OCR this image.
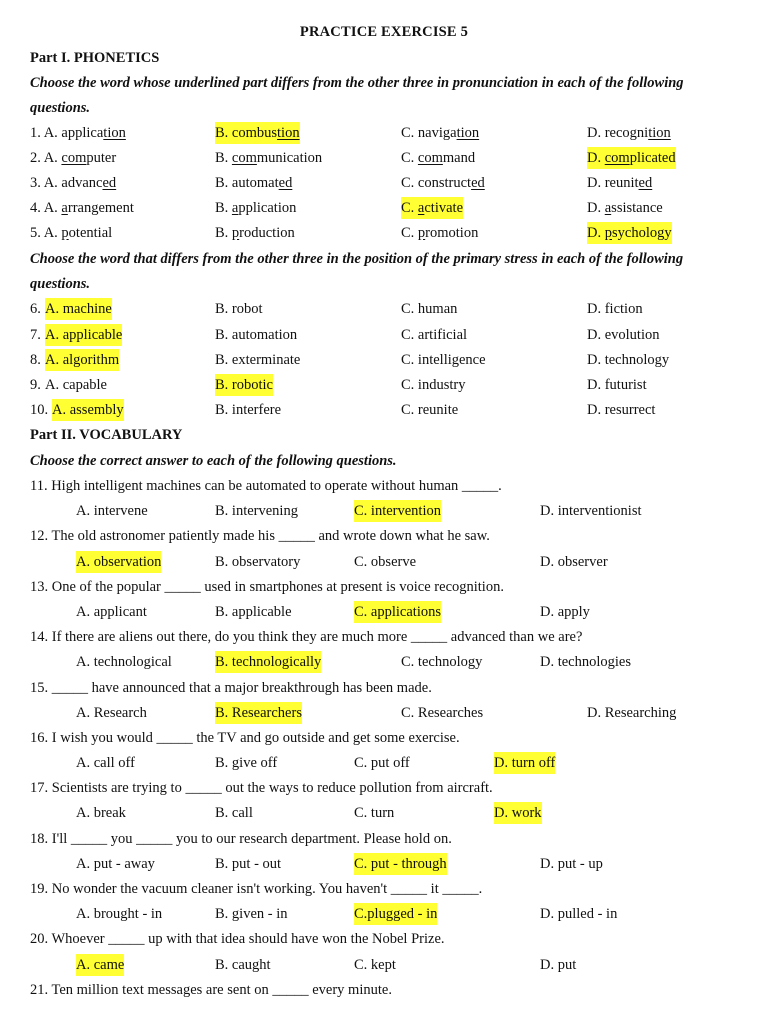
PRACTICE EXERCISE 5
Part I. PHONETICS
Choose the word whose underlined part differs from the other three in pronunciation in each of the following
questions.
1. A. application	B. combustion	C. navigation	D. recognition
2. A. computer	B. communication	C. command	D. complicated
3. A. advanced	B. automated	C. constructed	D. reunited
4. A. arrangement	B. application	C. activate	D. assistance
5. A. potential	B. production	C. promotion	D. psychology
Choose the word that differs from the other three in the position of the primary stress in each of the following
questions.
6. A. machine	B. robot	C. human	D. fiction
7. A. applicable	B. automation	C. artificial	D. evolution
8. A. algorithm	B. exterminate	C. intelligence	D. technology
9. A. capable	B. robotic	C. industry	D. futurist
10. A. assembly	B. interfere	C. reunite	D. resurrect
Part II. VOCABULARY
Choose the correct answer to each of the following questions.
11. High intelligent machines can be automated to operate without human _____.
A. intervene	B. intervening	C. intervention	D. interventionist
12. The old astronomer patiently made his _____ and wrote down what he saw.
A. observation	B. observatory	C. observe	D. observer
13. One of the popular _____ used in smartphones at present is voice recognition.
A. applicant	B. applicable	C. applications	D. apply
14. If there are aliens out there, do you think they are much more _____ advanced than we are?
A. technological	B. technologically	C. technology	D. technologies
15. _____ have announced that a major breakthrough has been made.
A. Research	B. Researchers	C. Researches	D. Researching
16. I wish you would _____ the TV and go outside and get some exercise.
A. call off	B. give off	C. put off	D. turn off
17. Scientists are trying to _____ out the ways to reduce pollution from aircraft.
A. break	B. call	C. turn	D. work
18. I'll _____ you _____ you to our research department. Please hold on.
A. put - away	B. put - out	C. put - through	D. put - up
19. No wonder the vacuum cleaner isn't working. You haven't _____ it _____.
A. brought - in	B. given - in	C.plugged - in	D. pulled - in
20. Whoever _____ up with that idea should have won the Nobel Prize.
A. came	B. caught	C. kept	D. put
21. Ten million text messages are sent on _____ every minute.
